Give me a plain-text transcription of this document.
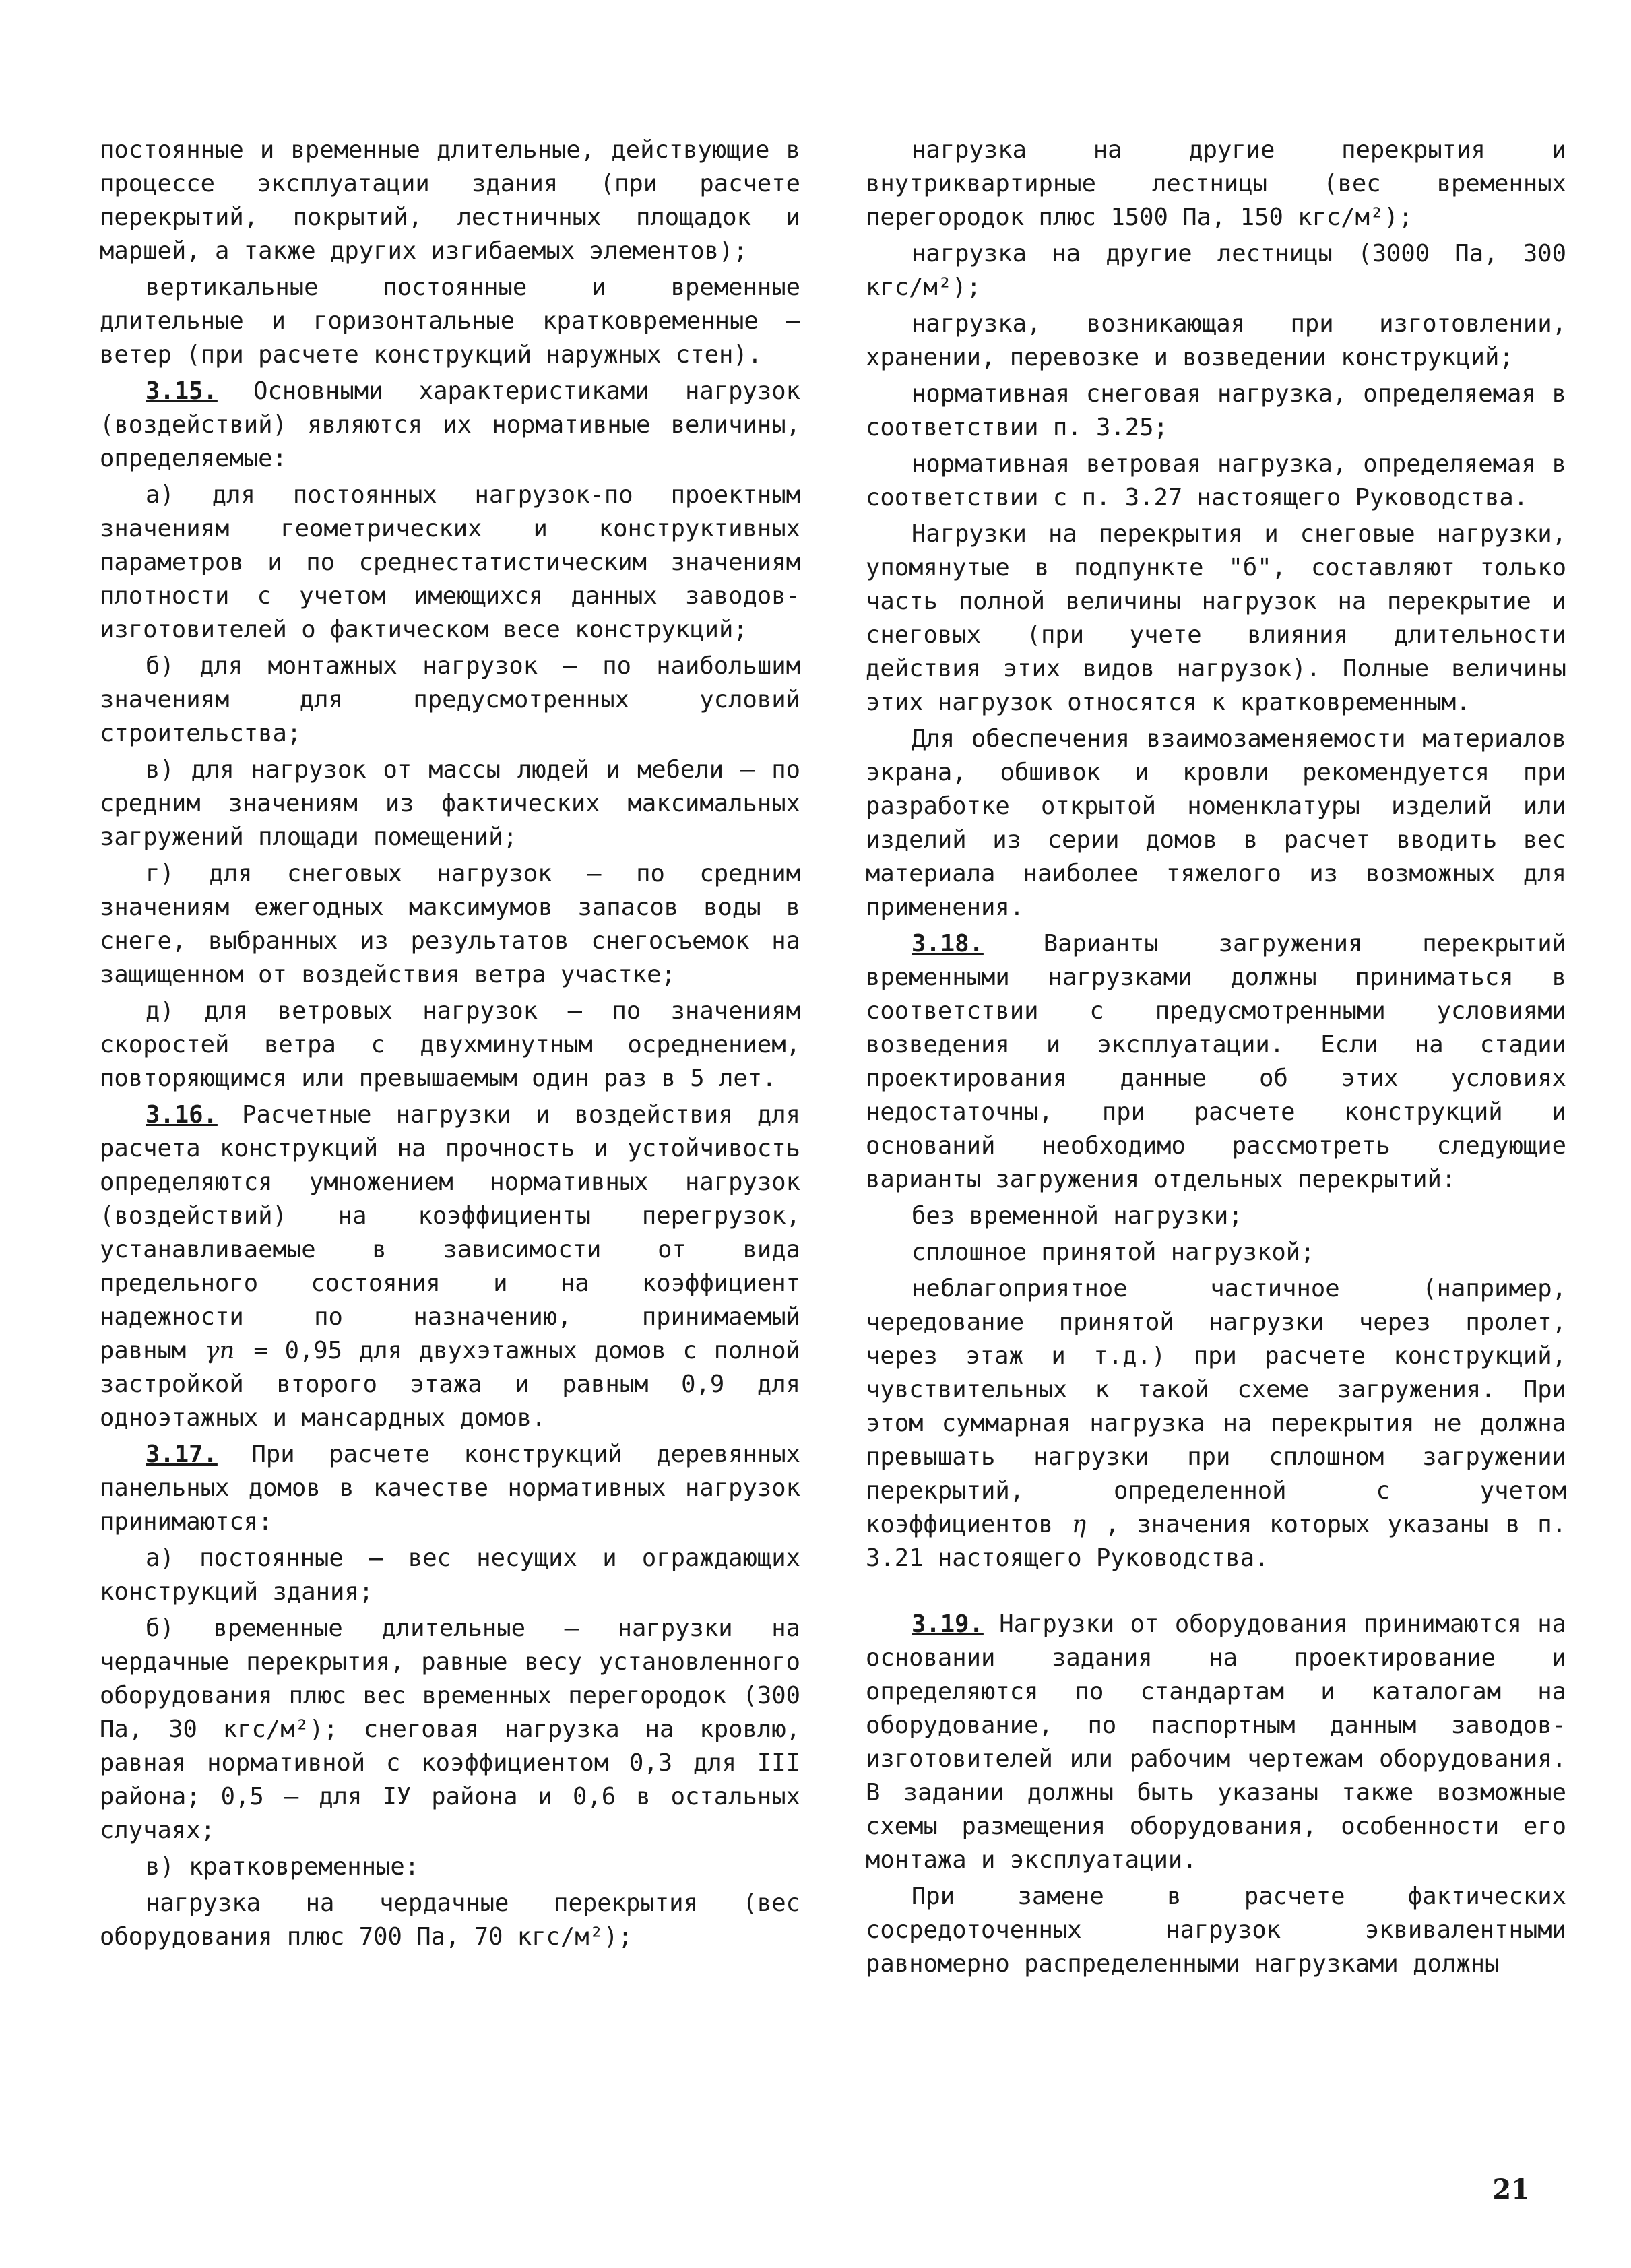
постоянные и временные длительные, действующие в процессе эксплуатации здания (при расчете перекрытий, покрытий, лестничных площадок и маршей, а также других изгибаемых элементов);

вертикальные постоянные и временные длительные и горизонтальные кратковременные – ветер (при расчете конструкций наружных стен).

3.15. Основными характеристиками нагрузок (воздействий) являются их нормативные величины, определяемые:

а) для постоянных нагрузок-по проектным значениям геометрических и конструктивных параметров и по среднестатистическим значениям плотности с учетом имеющихся данных заводов-изготовителей о фактическом весе конструкций;

б) для монтажных нагрузок – по наибольшим значениям для предусмотренных условий строительства;

в) для нагрузок от массы людей и мебели – по средним значениям из фактических максимальных загружений площади помещений;

г) для снеговых нагрузок – по средним значениям ежегодных максимумов запасов воды в снеге, выбранных из результатов снегосъемок на защищенном от воздействия ветра участке;

д) для ветровых нагрузок – по значениям скоростей ветра с двухминутным осреднением, повторяющимся или превышаемым один раз в 5 лет.

3.16. Расчетные нагрузки и воздействия для расчета конструкций на прочность и устойчивость определяются умножением нормативных нагрузок (воздействий) на коэффициенты перегрузок, устанавливаемые в зависимости от вида предельного состояния и на коэффициент надежности по назначению, принимаемый равным γn = 0,95 для двухэтажных домов с полной застройкой второго этажа и равным 0,9 для одноэтажных и мансардных домов.

3.17. При расчете конструкций деревянных панельных домов в качестве нормативных нагрузок принимаются:

а) постоянные – вес несущих и ограждающих конструкций здания;

б) временные длительные – нагрузки на чердачные перекрытия, равные весу установленного оборудования плюс вес временных перегородок (300 Па, 30 кгс/м²); снеговая нагрузка на кровлю, равная нормативной с коэффициентом 0,3 для III района; 0,5 – для IУ района и 0,6 в остальных случаях;

в) кратковременные:

нагрузка на чердачные перекрытия (вес оборудования плюс 700 Па, 70 кгс/м²);

нагрузка на другие перекрытия и внутриквартирные лестницы (вес временных перегородок плюс 1500 Па, 150 кгс/м²);

нагрузка на другие лестницы (3000 Па, 300 кгс/м²);

нагрузка, возникающая при изготовлении, хранении, перевозке и возведении конструкций;

нормативная снеговая нагрузка, определяемая в соответствии п. 3.25;

нормативная ветровая нагрузка, определяемая в соответствии с п. 3.27 настоящего Руководства.

Нагрузки на перекрытия и снеговые нагрузки, упомянутые в подпункте "б", составляют только часть полной величины нагрузок на перекрытие и снеговых (при учете влияния длительности действия этих видов нагрузок). Полные величины этих нагрузок относятся к кратковременным.

Для обеспечения взаимозаменяемости материалов экрана, обшивок и кровли рекомендуется при разработке открытой номенклатуры изделий или изделий из серии домов в расчет вводить вес материала наиболее тяжелого из возможных для применения.

3.18. Варианты загружения перекрытий временными нагрузками должны приниматься в соответствии с предусмотренными условиями возведения и эксплуатации. Если на стадии проектирования данные об этих условиях недостаточны, при расчете конструкций и оснований необходимо рассмотреть следующие варианты загружения отдельных перекрытий:

без временной нагрузки;

сплошное принятой нагрузкой;

неблагоприятное частичное (например, чередование принятой нагрузки через пролет, через этаж и т.д.) при расчете конструкций, чувствительных к такой схеме загружения. При этом суммарная нагрузка на перекрытия не должна превышать нагрузки при сплошном загружении перекрытий, определенной с учетом коэффициентов η , значения которых указаны в п. 3.21 настоящего Руководства.

3.19. Нагрузки от оборудования принимаются на основании задания на проектирование и определяются по стандартам и каталогам на оборудование, по паспортным данным заводов-изготовителей или рабочим чертежам оборудования. В задании должны быть указаны также возможные схемы размещения оборудования, особенности его монтажа и эксплуатации.

При замене в расчете фактических сосредоточенных нагрузок эквивалентными равномерно распределенными нагрузками должны

21
